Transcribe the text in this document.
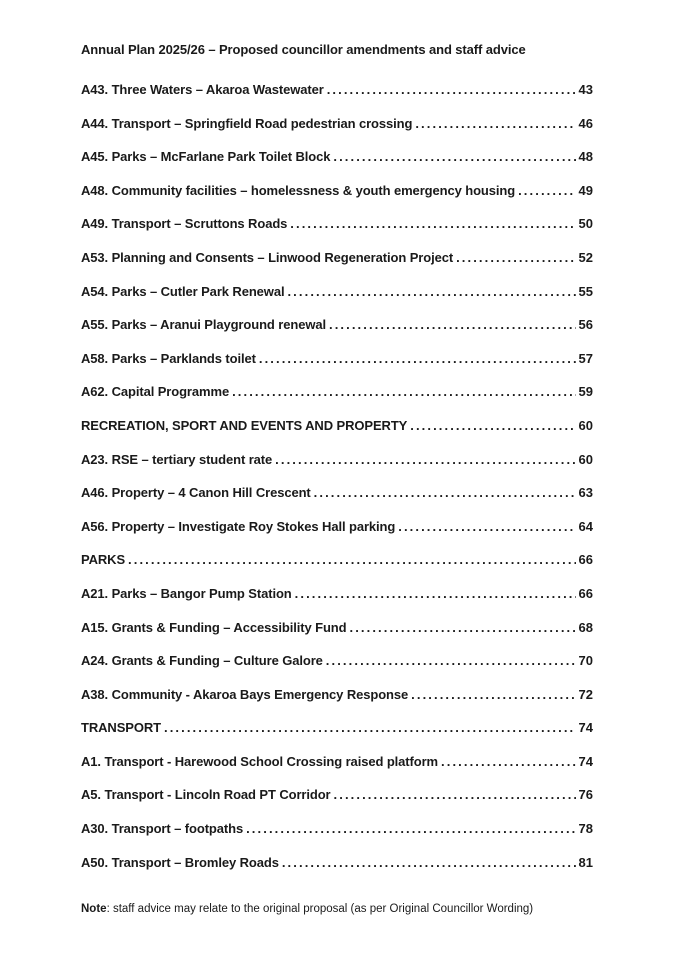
Annual Plan 2025/26 – Proposed councillor amendments and staff advice
A43. Three Waters – Akaroa Wastewater .....	43
A44. Transport – Springfield Road pedestrian crossing .....	46
A45. Parks – McFarlane Park Toilet Block .....	48
A48. Community facilities – homelessness & youth emergency housing .....	49
A49. Transport – Scruttons Roads .....	50
A53. Planning and Consents – Linwood Regeneration Project .....	52
A54. Parks – Cutler Park Renewal .....	55
A55. Parks – Aranui Playground renewal .....	56
A58. Parks – Parklands toilet .....	57
A62. Capital Programme .....	59
RECREATION, SPORT AND EVENTS AND PROPERTY .....	60
A23. RSE – tertiary student rate .....	60
A46. Property – 4 Canon Hill Crescent .....	63
A56. Property – Investigate Roy Stokes Hall parking .....	64
PARKS .....	66
A21. Parks – Bangor Pump Station .....	66
A15. Grants & Funding – Accessibility Fund .....	68
A24. Grants & Funding – Culture Galore .....	70
A38. Community - Akaroa Bays Emergency Response .....	72
TRANSPORT .....	74
A1. Transport - Harewood School Crossing raised platform .....	74
A5. Transport - Lincoln Road PT Corridor .....	76
A30. Transport – footpaths .....	78
A50. Transport – Bromley Roads .....	81
Note: staff advice may relate to the original proposal (as per Original Councillor Wording)
